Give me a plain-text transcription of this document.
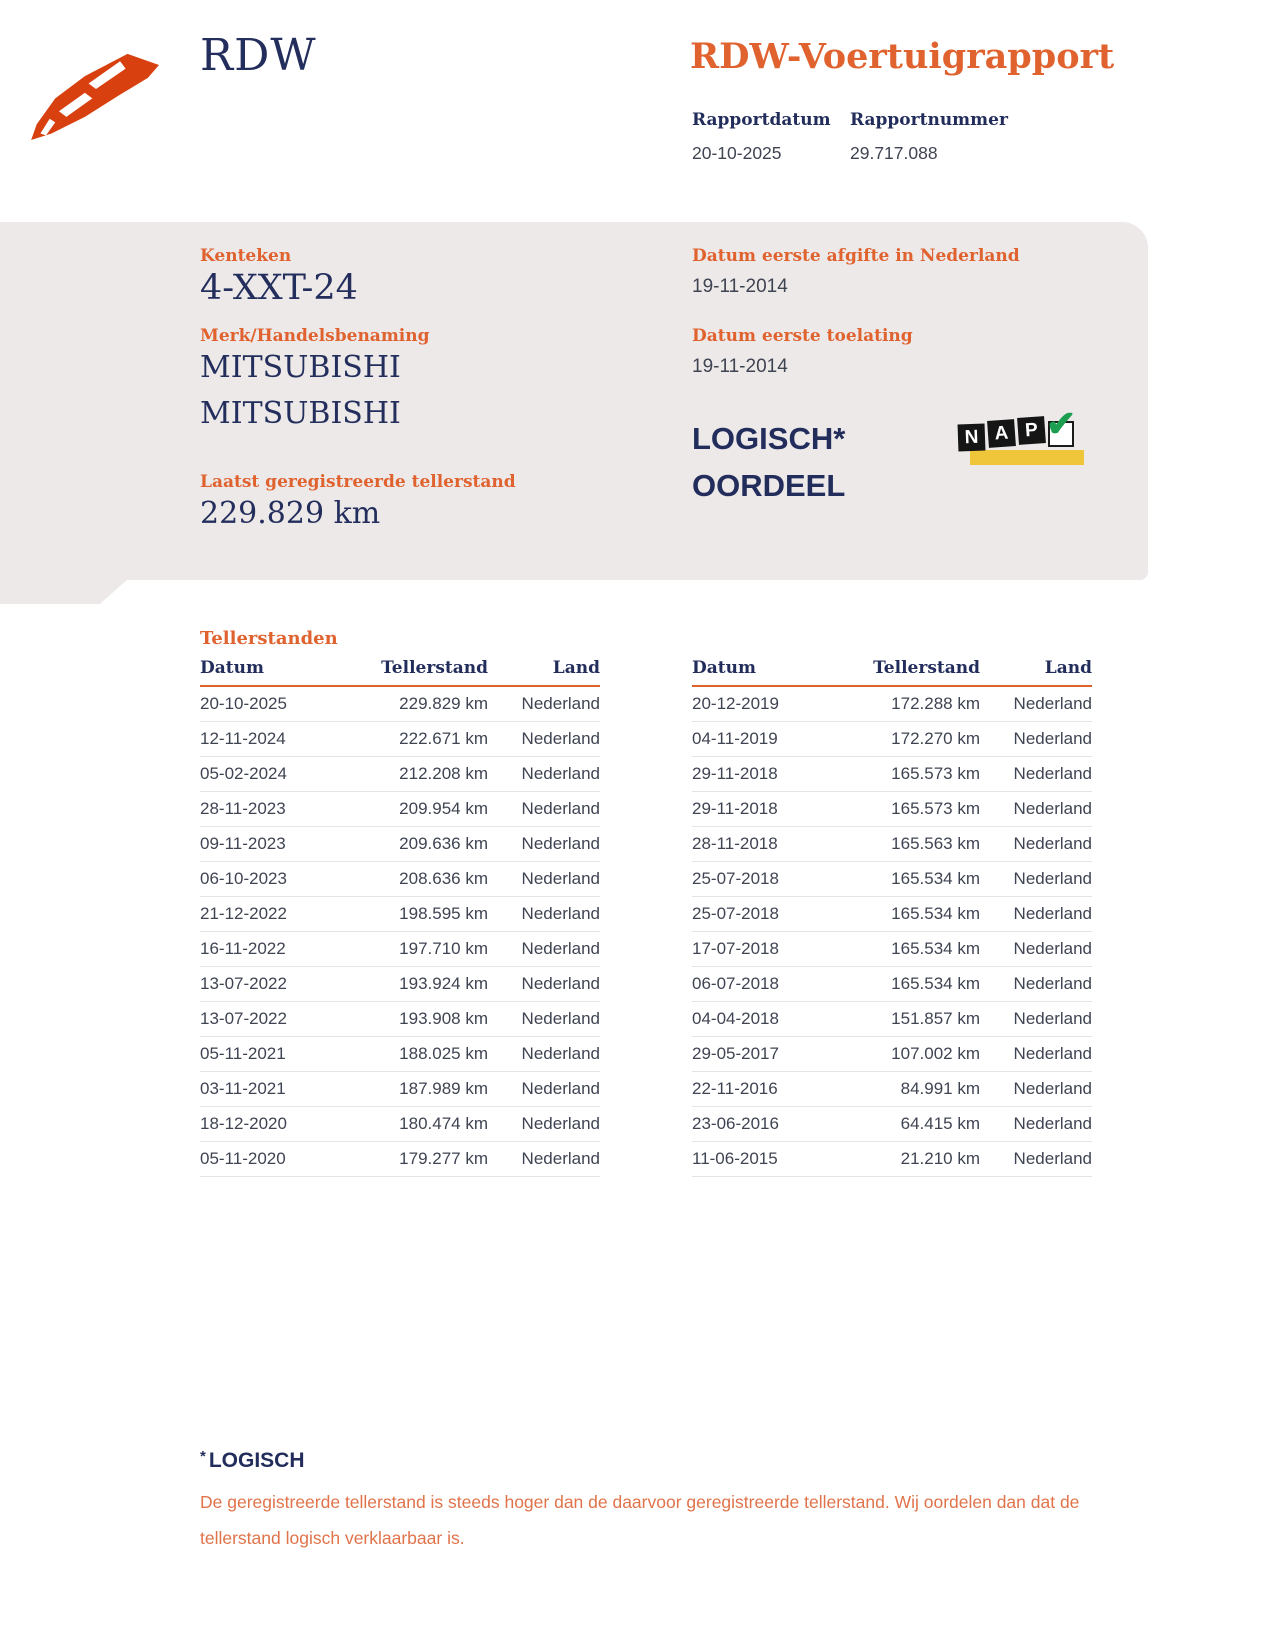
RDW	RDW-Voertuigrapport
Rapportdatum Rapportnummer
20-10-2025	29.717.088
Kenteken
4-XXT-24
Merk/Handelsbenaming
MITSUBISHI
MITSUBISHI
Laatst geregistreerde tellerstand
229.829 km
Datum eerste afgifte in Nederland
19-11-2014
Datum eerste toelating
19-11-2014
LOGISCH*
OORDEEL
N A P ✔
Tellerstanden
Datum	Tellerstand	Land
20-10-2025	229.829 km	Nederland
12-11-2024	222.671 km	Nederland
05-02-2024	212.208 km	Nederland
28-11-2023	209.954 km	Nederland
09-11-2023	209.636 km	Nederland
06-10-2023	208.636 km	Nederland
21-12-2022	198.595 km	Nederland
16-11-2022	197.710 km	Nederland
13-07-2022	193.924 km	Nederland
13-07-2022	193.908 km	Nederland
05-11-2021	188.025 km	Nederland
03-11-2021	187.989 km	Nederland
18-12-2020	180.474 km	Nederland
05-11-2020	179.277 km	Nederland
Datum	Tellerstand	Land
20-12-2019	172.288 km	Nederland
04-11-2019	172.270 km	Nederland
29-11-2018	165.573 km	Nederland
29-11-2018	165.573 km	Nederland
28-11-2018	165.563 km	Nederland
25-07-2018	165.534 km	Nederland
25-07-2018	165.534 km	Nederland
17-07-2018	165.534 km	Nederland
06-07-2018	165.534 km	Nederland
04-04-2018	151.857 km	Nederland
29-05-2017	107.002 km	Nederland
22-11-2016	84.991 km	Nederland
23-06-2016	64.415 km	Nederland
11-06-2015	21.210 km	Nederland
* LOGISCH
De geregistreerde tellerstand is steeds hoger dan de daarvoor geregistreerde tellerstand. Wij oordelen dan dat de tellerstand logisch verklaarbaar is.
